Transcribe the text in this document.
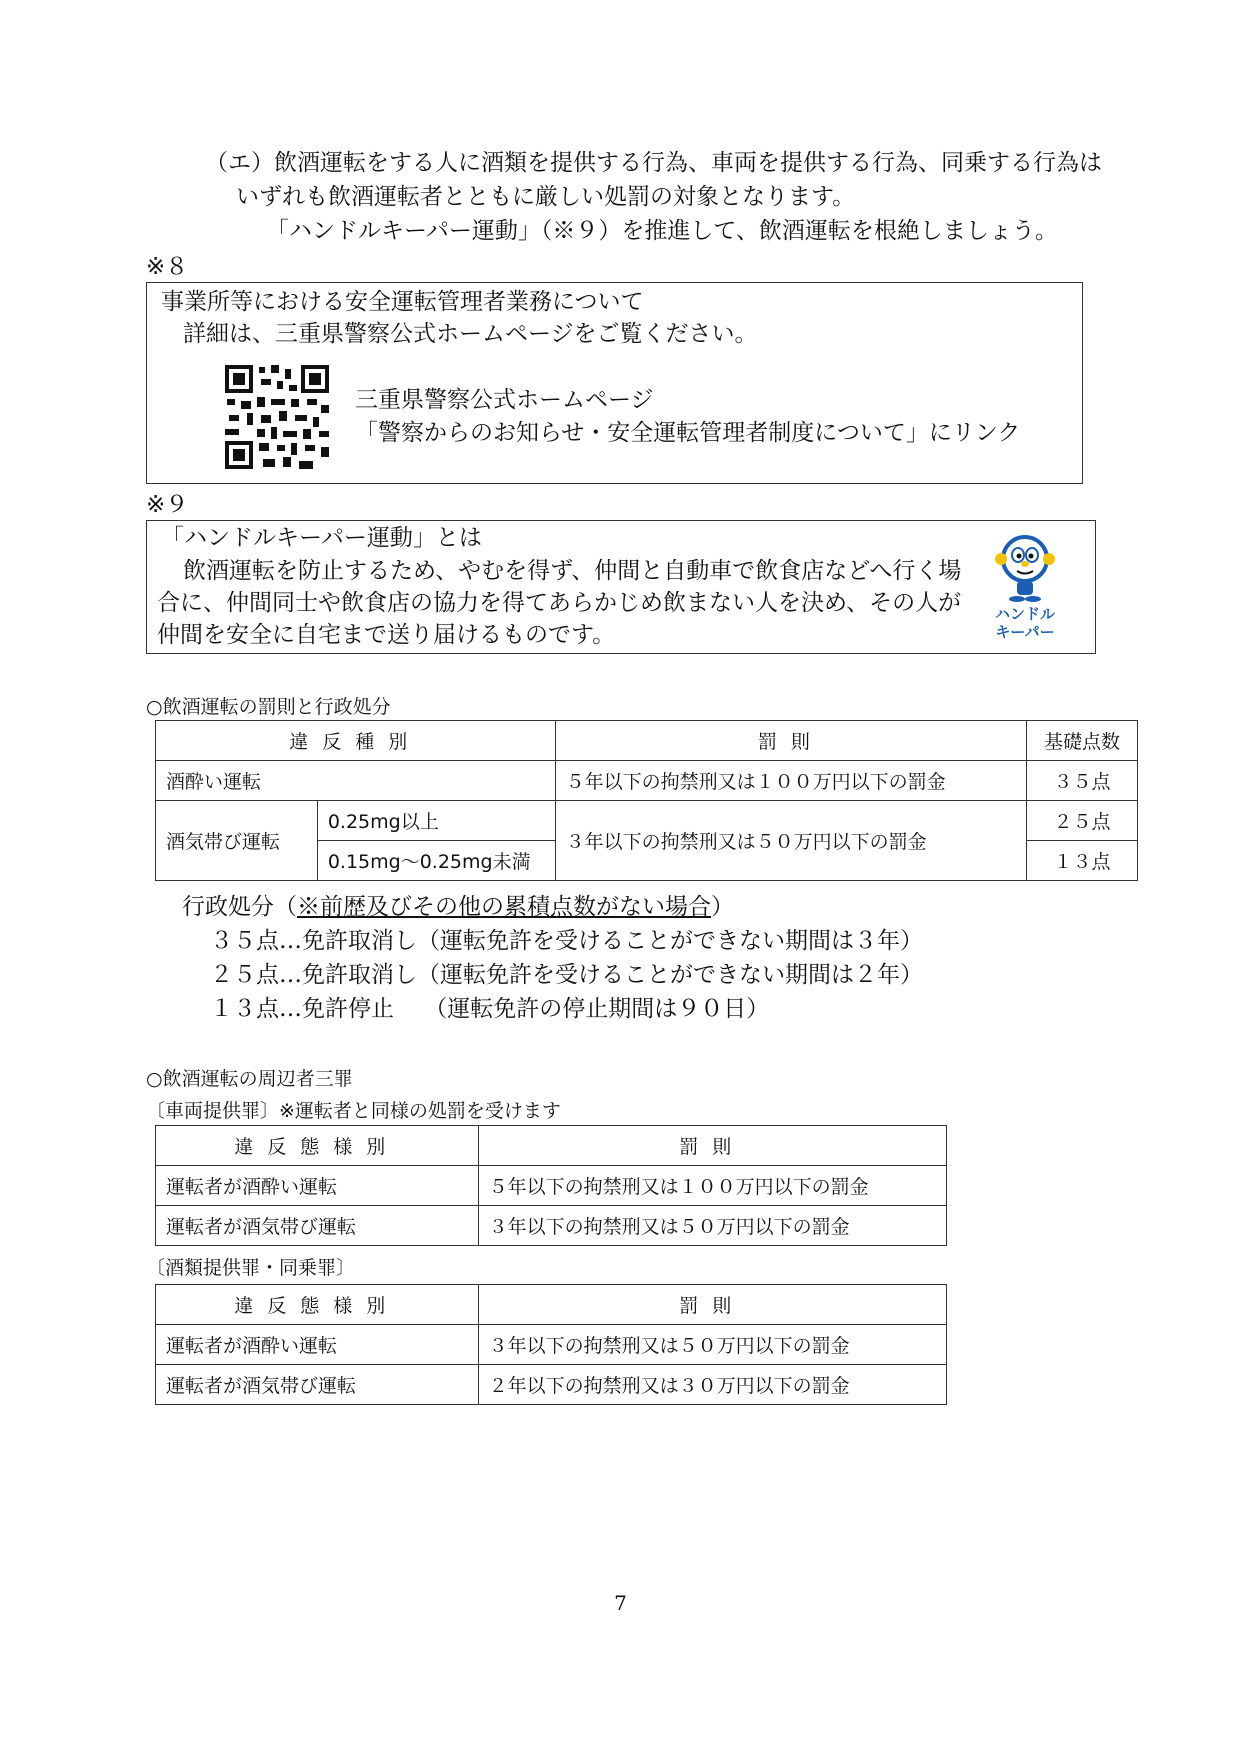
（エ）飲酒運転をする人に酒類を提供する行為、車両を提供する行為、同乗する行為は
いずれも飲酒運転者とともに厳しい処罰の対象となります。
「ハンドルキーパー運動」（※９）を推進して、飲酒運転を根絶しましょう。
※８
事業所等における安全運転管理者業務について
詳細は、三重県警察公式ホームページをご覧ください。
三重県警察公式ホームページ
「警察からのお知らせ・安全運転管理者制度について」にリンク
※９
「ハンドルキーパー運動」とは
飲酒運転を防止するため、やむを得ず、仲間と自動車で飲食店などへ行く場
合に、仲間同士や飲食店の協力を得てあらかじめ飲まない人を決め、その人が
仲間を安全に自宅まで送り届けるものです。
ハンドル
キーパー
○飲酒運転の罰則と行政処分
違反種別		罰則	基礎点数
酒酔い運転		５年以下の拘禁刑又は１００万円以下の罰金	３５点
酒気帯び運転	0.25mg以上	３年以下の拘禁刑又は５０万円以下の罰金	２５点
	0.15mg～0.25mg未満		１３点
行政処分（※前歴及びその他の累積点数がない場合）
３５点…免許取消し（運転免許を受けることができない期間は３年）
２５点…免許取消し（運転免許を受けることができない期間は２年）
１３点…免許停止　 （運転免許の停止期間は９０日）
○飲酒運転の周辺者三罪
〔車両提供罪〕※運転者と同様の処罰を受けます
違反態様別	罰則
運転者が酒酔い運転	５年以下の拘禁刑又は１００万円以下の罰金
運転者が酒気帯び運転	３年以下の拘禁刑又は５０万円以下の罰金
〔酒類提供罪・同乗罪〕
違反態様別	罰則
運転者が酒酔い運転	３年以下の拘禁刑又は５０万円以下の罰金
運転者が酒気帯び運転	２年以下の拘禁刑又は３０万円以下の罰金
7
